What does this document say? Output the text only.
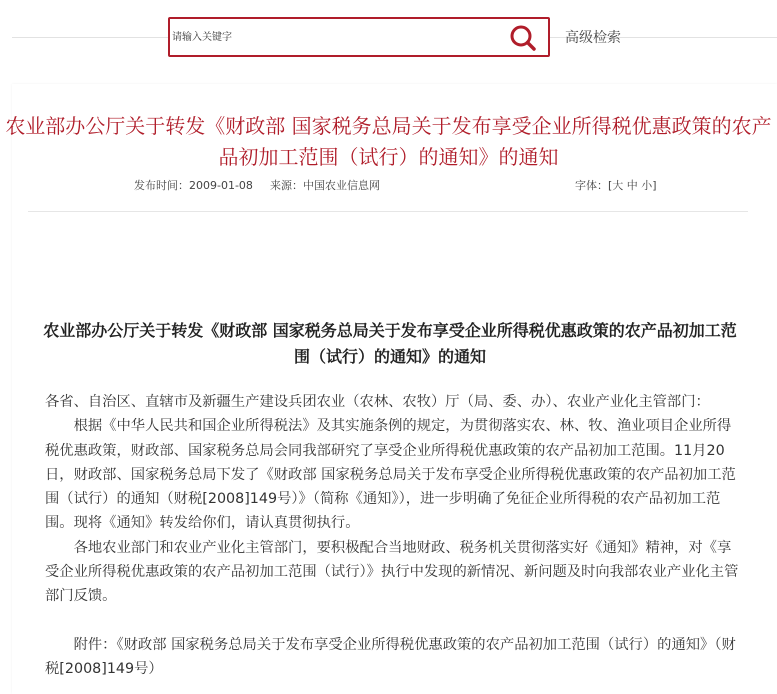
请输入关键字
高级检索
农业部办公厅关于转发《财政部 国家税务总局关于发布享受企业所得税优惠政策的农产品初加工范围（试行）的通知》的通知
发布时间：2009-01-08 来源：中国农业信息网	字体：[大 中 小]
农业部办公厅关于转发《财政部 国家税务总局关于发布享受企业所得税优惠政策的农产品初加工范围（试行）的通知》的通知

各省、自治区、直辖市及新疆生产建设兵团农业（农林、农牧）厅（局、委、办）、农业产业化主管部门：

根据《中华人民共和国企业所得税法》及其实施条例的规定，为贯彻落实农、林、牧、渔业项目企业所得税优惠政策，财政部、国家税务总局会同我部研究了享受企业所得税优惠政策的农产品初加工范围。11月20日，财政部、国家税务总局下发了《财政部 国家税务总局关于发布享受企业所得税优惠政策的农产品初加工范围（试行）的通知（财税[2008]149号）》（简称《通知》），进一步明确了免征企业所得税的农产品初加工范围。现将《通知》转发给你们，请认真贯彻执行。

各地农业部门和农业产业化主管部门，要积极配合当地财政、税务机关贯彻落实好《通知》精神，对《享受企业所得税优惠政策的农产品初加工范围（试行）》执行中发现的新情况、新问题及时向我部农业产业化主管部门反馈。

附件：《财政部 国家税务总局关于发布享受企业所得税优惠政策的农产品初加工范围（试行）的通知》（财税[2008]149号）
